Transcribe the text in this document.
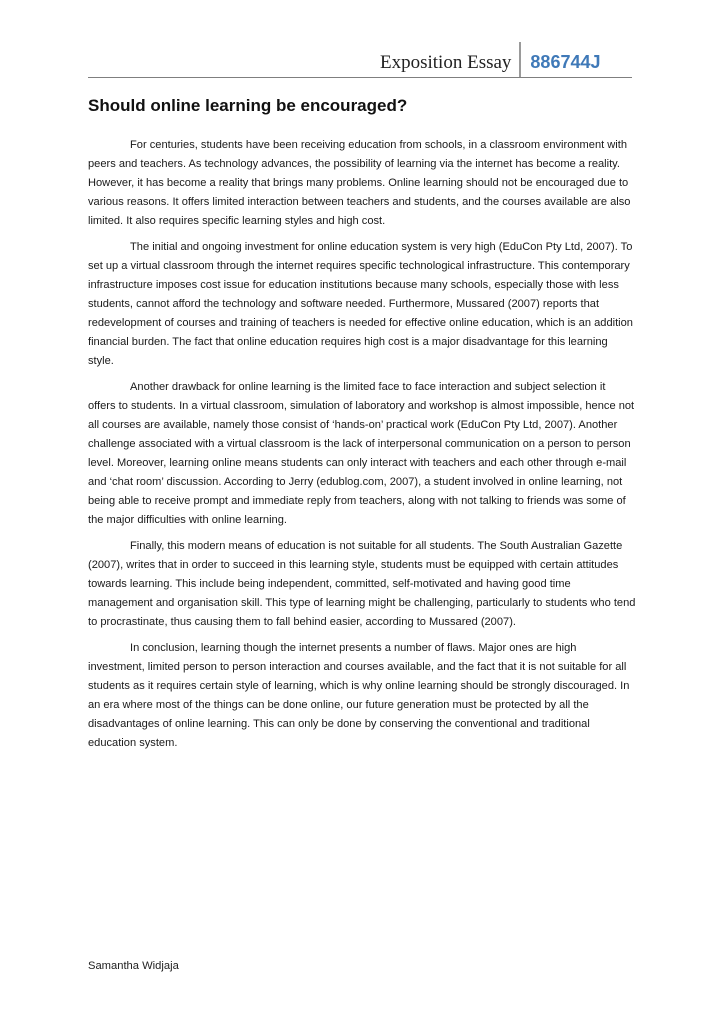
Exposition Essay	886744J
Should online learning be encouraged?

For centuries, students have been receiving education from schools, in a classroom environment with peers and teachers. As technology advances, the possibility of learning via the internet has become a reality. However, it has become a reality that brings many problems. Online learning should not be encouraged due to various reasons. It offers limited interaction between teachers and students, and the courses available are also limited. It also requires specific learning styles and high cost.

The initial and ongoing investment for online education system is very high (EduCon Pty Ltd, 2007). To set up a virtual classroom through the internet requires specific technological infrastructure. This contemporary infrastructure imposes cost issue for education institutions because many schools, especially those with less students, cannot afford the technology and software needed. Furthermore, Mussared (2007) reports that redevelopment of courses and training of teachers is needed for effective online education, which is an addition financial burden. The fact that online education requires high cost is a major disadvantage for this learning style.

Another drawback for online learning is the limited face to face interaction and subject selection it offers to students. In a virtual classroom, simulation of laboratory and workshop is almost impossible, hence not all courses are available, namely those consist of ‘hands-on’ practical work (EduCon Pty Ltd, 2007). Another challenge associated with a virtual classroom is the lack of interpersonal communication on a person to person level. Moreover, learning online means students can only interact with teachers and each other through e-mail and ‘chat room’ discussion. According to Jerry (edublog.com, 2007), a student involved in online learning, not being able to receive prompt and immediate reply from teachers, along with not talking to friends was some of the major difficulties with online learning.

Finally, this modern means of education is not suitable for all students. The South Australian Gazette (2007), writes that in order to succeed in this learning style, students must be equipped with certain attitudes towards learning. This include being independent, committed, self-motivated and having good time management and organisation skill. This type of learning might be challenging, particularly to students who tend to procrastinate, thus causing them to fall behind easier, according to Mussared (2007).

In conclusion, learning though the internet presents a number of flaws. Major ones are high investment, limited person to person interaction and courses available, and the fact that it is not suitable for all students as it requires certain style of learning, which is why online learning should be strongly discouraged. In an era where most of the things can be done online, our future generation must be protected by all the disadvantages of online learning. This can only be done by conserving the conventional and traditional education system.

Samantha Widjaja
